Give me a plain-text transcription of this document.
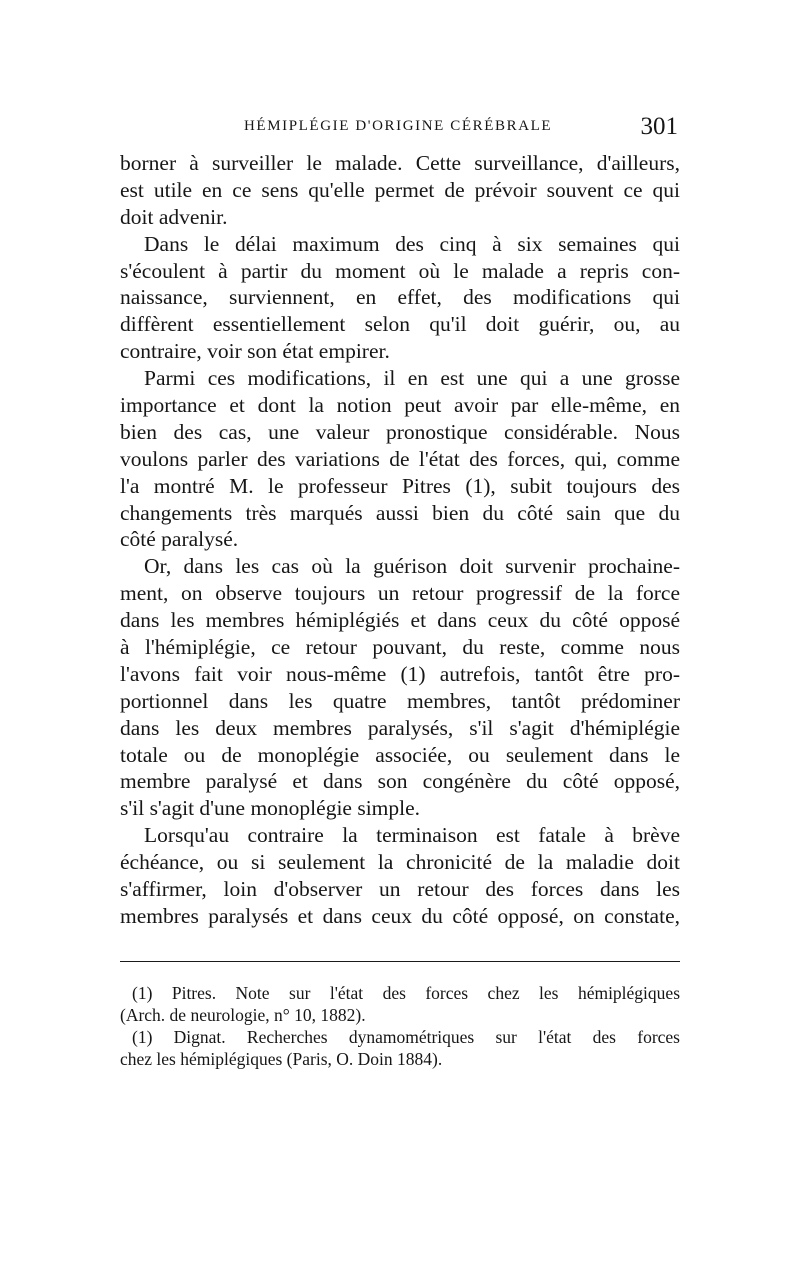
HÉMIPLÉGIE D'ORIGINE CÉRÉBRALE	301
borner à surveiller le malade. Cette surveillance, d'ailleurs,
est utile en ce sens qu'elle permet de prévoir souvent ce qui
doit advenir.
Dans le délai maximum des cinq à six semaines qui
s'écoulent à partir du moment où le malade a repris con-
naissance, surviennent, en effet, des modifications qui
diffèrent essentiellement selon qu'il doit guérir, ou, au
contraire, voir son état empirer.
Parmi ces modifications, il en est une qui a une grosse
importance et dont la notion peut avoir par elle-même, en
bien des cas, une valeur pronostique considérable. Nous
voulons parler des variations de l'état des forces, qui, comme
l'a montré M. le professeur Pitres (1), subit toujours des
changements très marqués aussi bien du côté sain que du
côté paralysé.
Or, dans les cas où la guérison doit survenir prochaine-
ment, on observe toujours un retour progressif de la force
dans les membres hémiplégiés et dans ceux du côté opposé
à l'hémiplégie, ce retour pouvant, du reste, comme nous
l'avons fait voir nous-même (1) autrefois, tantôt être pro-
portionnel dans les quatre membres, tantôt prédominer
dans les deux membres paralysés, s'il s'agit d'hémiplégie
totale ou de monoplégie associée, ou seulement dans le
membre paralysé et dans son congénère du côté opposé,
s'il s'agit d'une monoplégie simple.
Lorsqu'au contraire la terminaison est fatale à brève
échéance, ou si seulement la chronicité de la maladie doit
s'affirmer, loin d'observer un retour des forces dans les
membres paralysés et dans ceux du côté opposé, on constate,
(1) Pitres. Note sur l'état des forces chez les hémiplégiques
(Arch. de neurologie, n° 10, 1882).
(1) Dignat. Recherches dynamométriques sur l'état des forces
chez les hémiplégiques (Paris, O. Doin 1884).
